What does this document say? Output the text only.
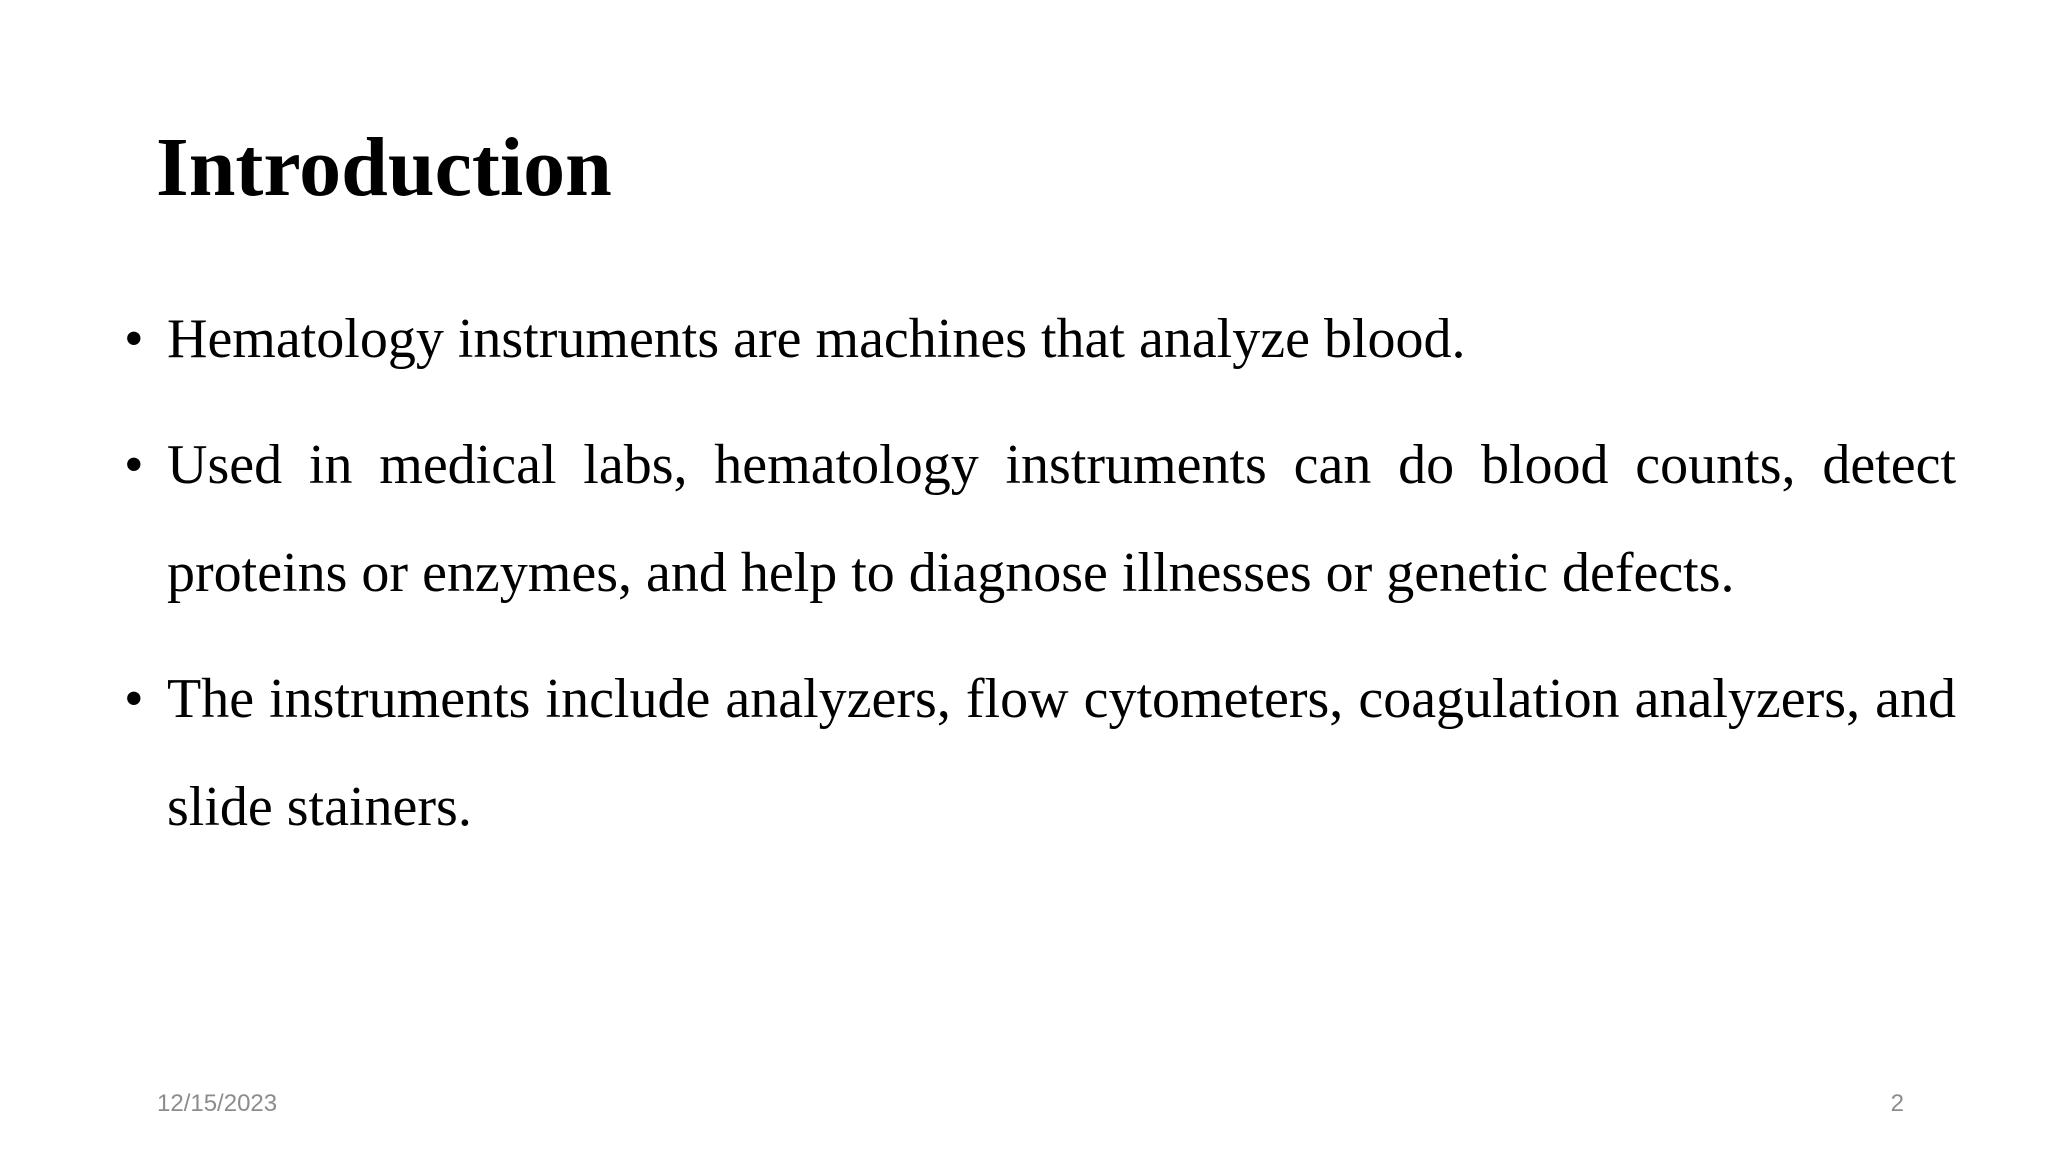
Introduction
• Hematology instruments are machines that analyze blood.
• Used in medical labs, hematology instruments can do blood counts, detect proteins or enzymes, and help to diagnose illnesses or genetic defects.
• The instruments include analyzers, flow cytometers, coagulation analyzers, and slide stainers.
12/15/2023	2
